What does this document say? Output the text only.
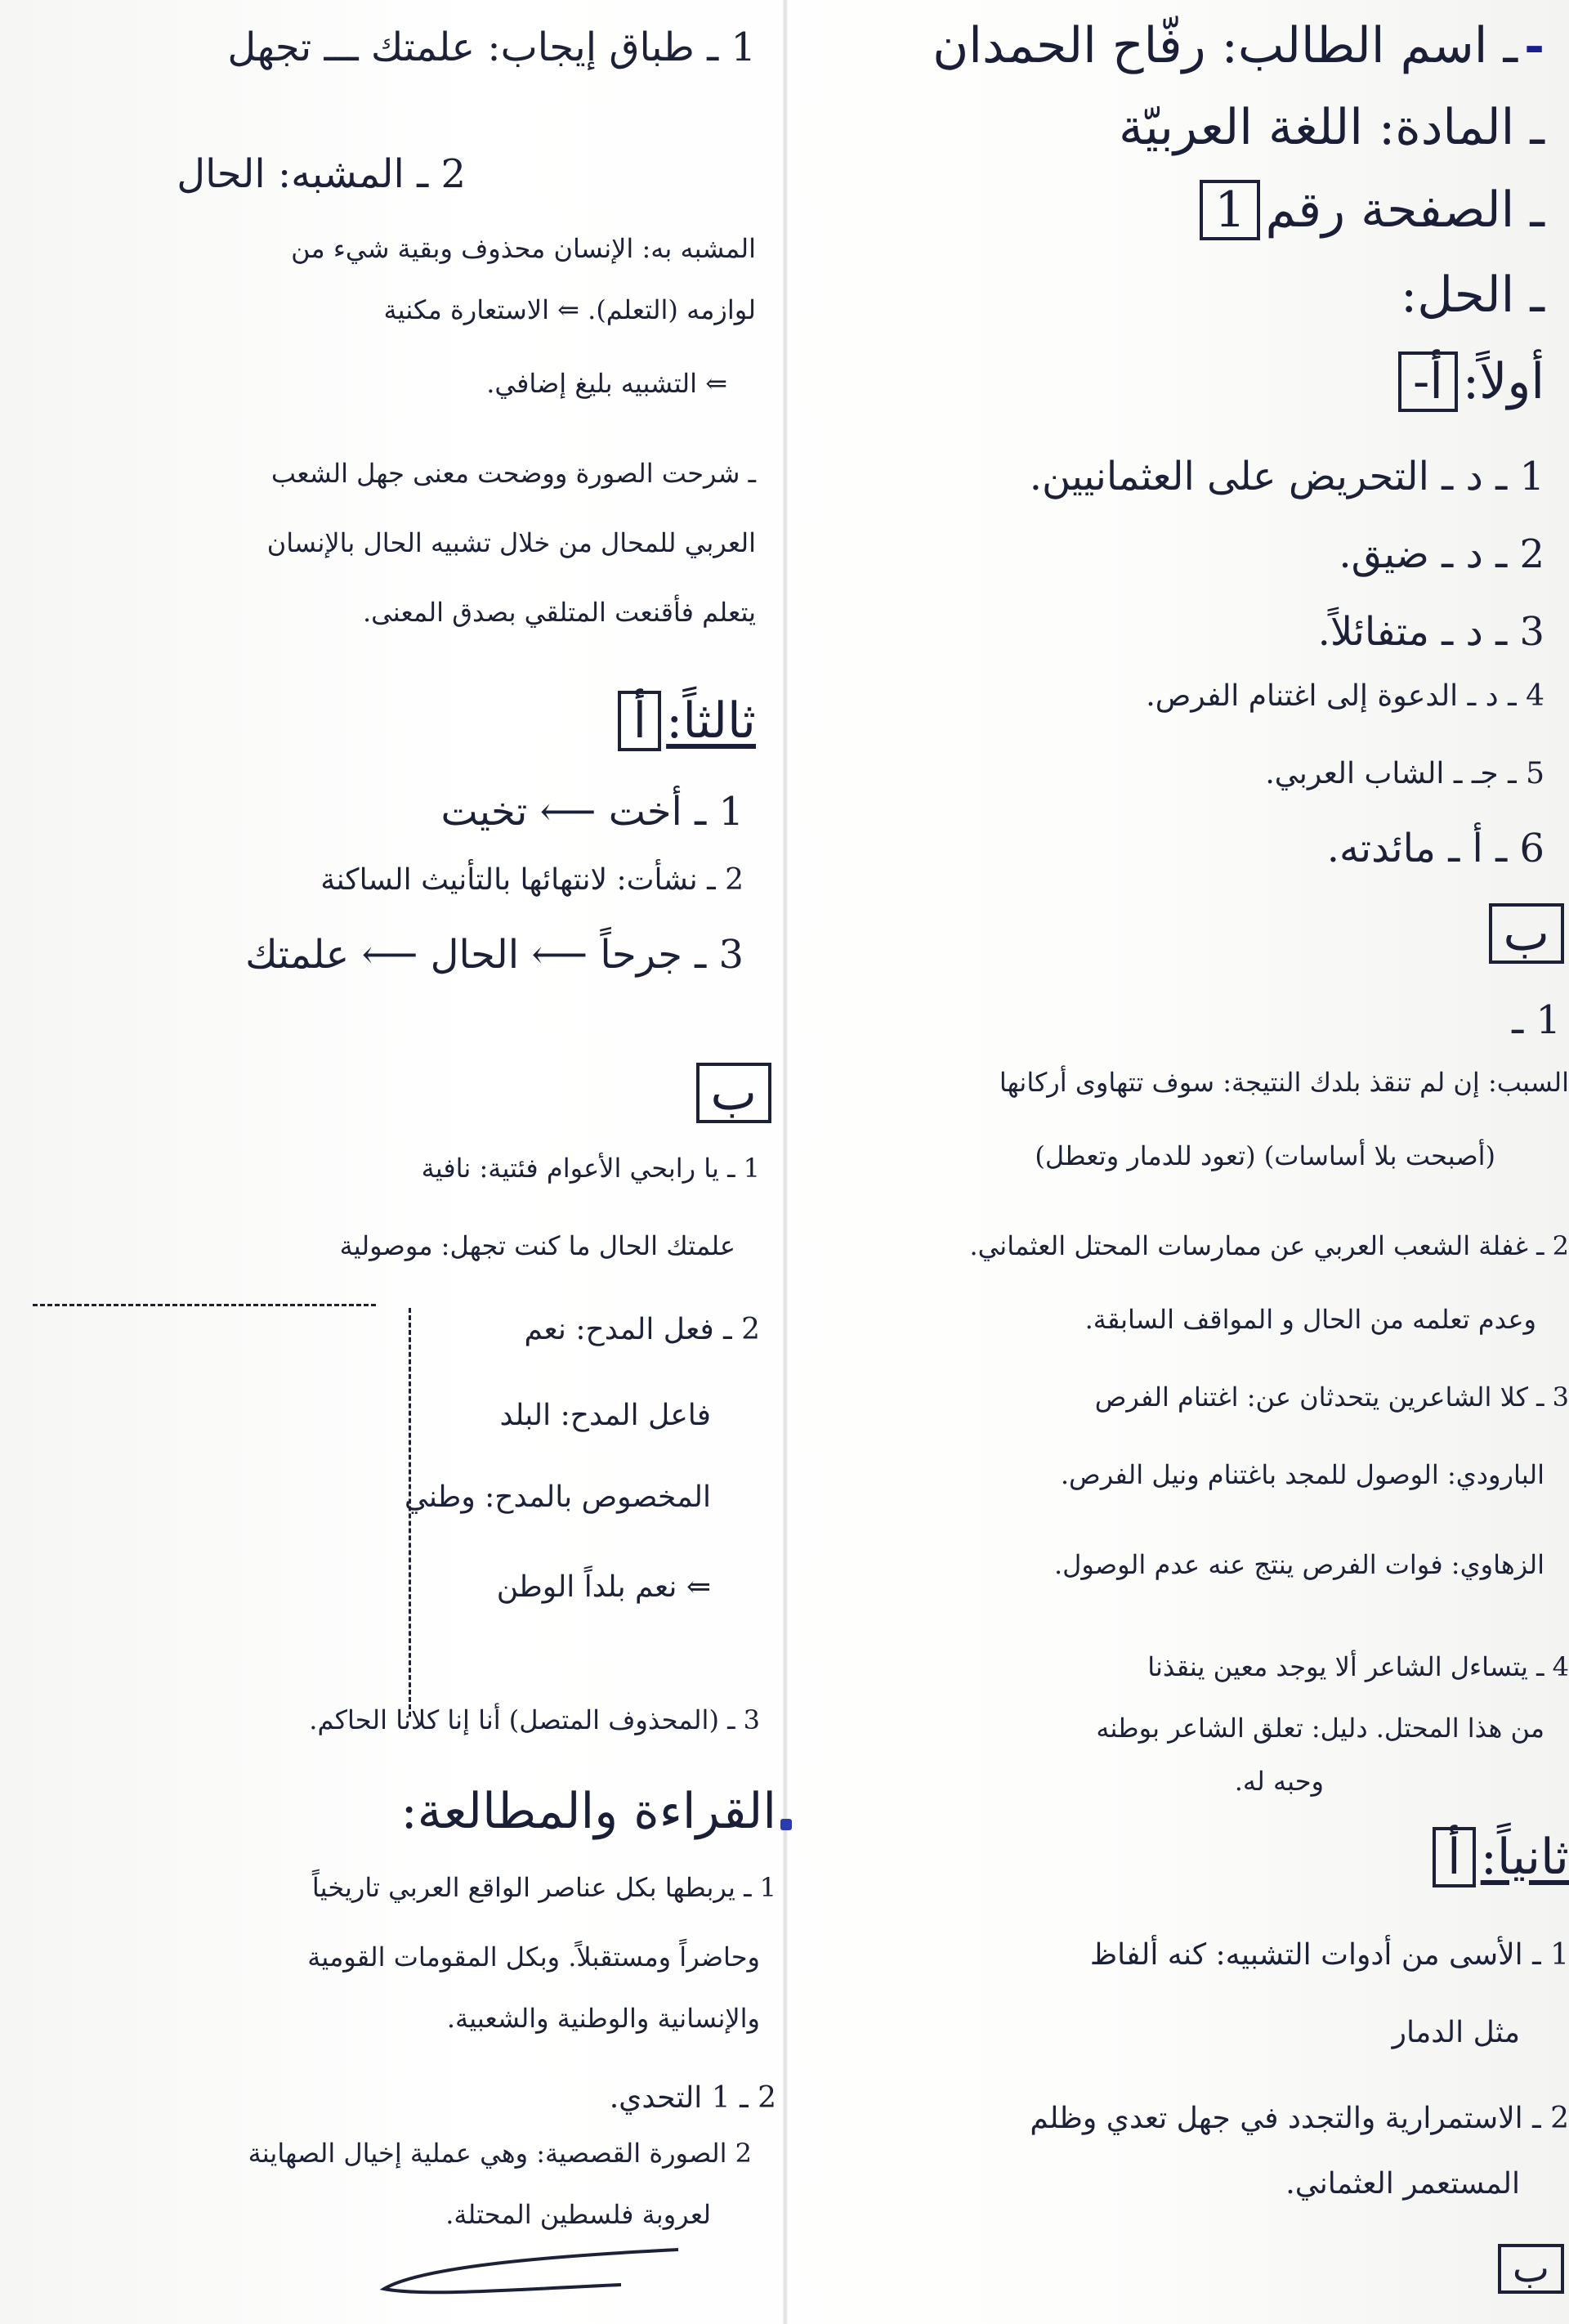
-ـ اسم الطالب: رفّاح الحمدان
ـ المادة: اللغة العربيّة
ـ الصفحة رقم1
ـ الحل:
أولاً:أ-
1 ـ د ـ التحريض على العثمانيين.
2 ـ د ـ ضيق.
3 ـ د ـ متفائلاً.
4 ـ د ـ الدعوة إلى اغتنام الفرص.
5 ـ جـ ـ الشاب العربي.
6 ـ أ ـ مائدته.
ب
1 ـ
السبب: إن لم تنقذ بلدك النتيجة: سوف تتهاوى أركانها
(أصبحت بلا أساسات) (تعود للدمار وتعطل)
2 ـ غفلة الشعب العربي عن ممارسات المحتل العثماني.
وعدم تعلمه من الحال و المواقف السابقة.
3 ـ كلا الشاعرين يتحدثان عن: اغتنام الفرص
البارودي: الوصول للمجد باغتنام ونيل الفرص.
الزهاوي: فوات الفرص ينتج عنه عدم الوصول.
4 ـ يتساءل الشاعر ألا يوجد معين ينقذنا
من هذا المحتل. دليل: تعلق الشاعر بوطنه
وحبه له.
ثانياً:أ
1 ـ الأسى من أدوات التشبيه: كنه ألفاظ
مثل الدمار
2 ـ الاستمرارية والتجدد في جهل تعدي وظلم
المستعمر العثماني.
ب
1 ـ طباق إيجاب: علمتك ـــ تجهل
2 ـ المشبه: الحال
المشبه به: الإنسان محذوف وبقية شيء من
لوازمه (التعلم). ⇐ الاستعارة مكنية
⇐ التشبيه بليغ إضافي.
ـ شرحت الصورة ووضحت معنى جهل الشعب
العربي للمحال من خلال تشبيه الحال بالإنسان
يتعلم فأقنعت المتلقي بصدق المعنى.
ثالثاً:أ
1 ـ أخت ⟵ تخيت
2 ـ نشأت: لانتهائها بالتأنيث الساكنة
3 ـ جرحاً ⟵ الحال ⟵ علمتك
ب
1 ـ يا رابحي الأعوام فئتية: نافية
علمتك الحال ما كنت تجهل: موصولية
2 ـ فعل المدح: نعم
فاعل المدح: البلد
المخصوص بالمدح: وطني
⇐ نعم بلداً الوطن
3 ـ (المحذوف المتصل) أنا إنا كلانا الحاكم.
القراءة والمطالعة:
1 ـ يربطها بكل عناصر الواقع العربي تاريخياً
وحاضراً ومستقبلاً. وبكل المقومات القومية
والإنسانية والوطنية والشعبية.
2 ـ 1 التحدي.
2 الصورة القصصية: وهي عملية إخيال الصهاينة
لعروبة فلسطين المحتلة.
